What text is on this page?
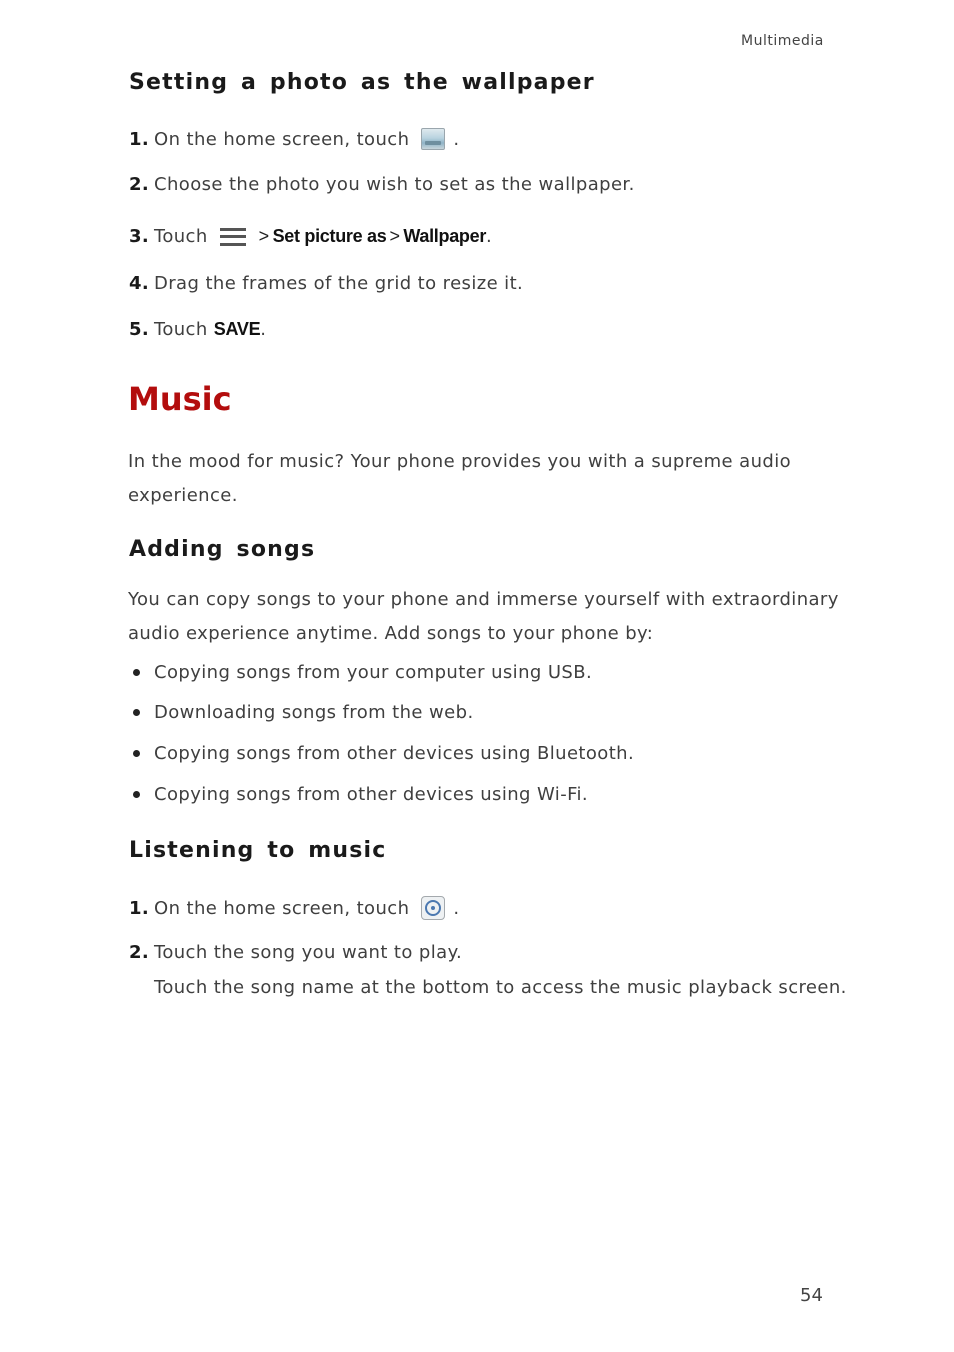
Multimedia
Setting a photo as the wallpaper
1. On the home screen, touch .
2. Choose the photo you wish to set as the wallpaper.
3. Touch	> Set picture as > Wallpaper .
4. Drag the frames of the grid to resize it.
5. Touch
SAVE .
Music
In the mood for music? Your phone provides you with a supreme audio
experience.
Adding songs
You can copy songs to your phone and immerse yourself with extraordinary
audio experience anytime. Add songs to your phone by:
Copying songs from your computer using USB.
Downloading songs from the web.
Copying songs from other devices using Bluetooth.
Copying songs from other devices using Wi-Fi.
Listening to music
1. On the home screen, touch .
2. Touch the song you want to play.
Touch the song name at the bottom to access the music playback screen.
54
